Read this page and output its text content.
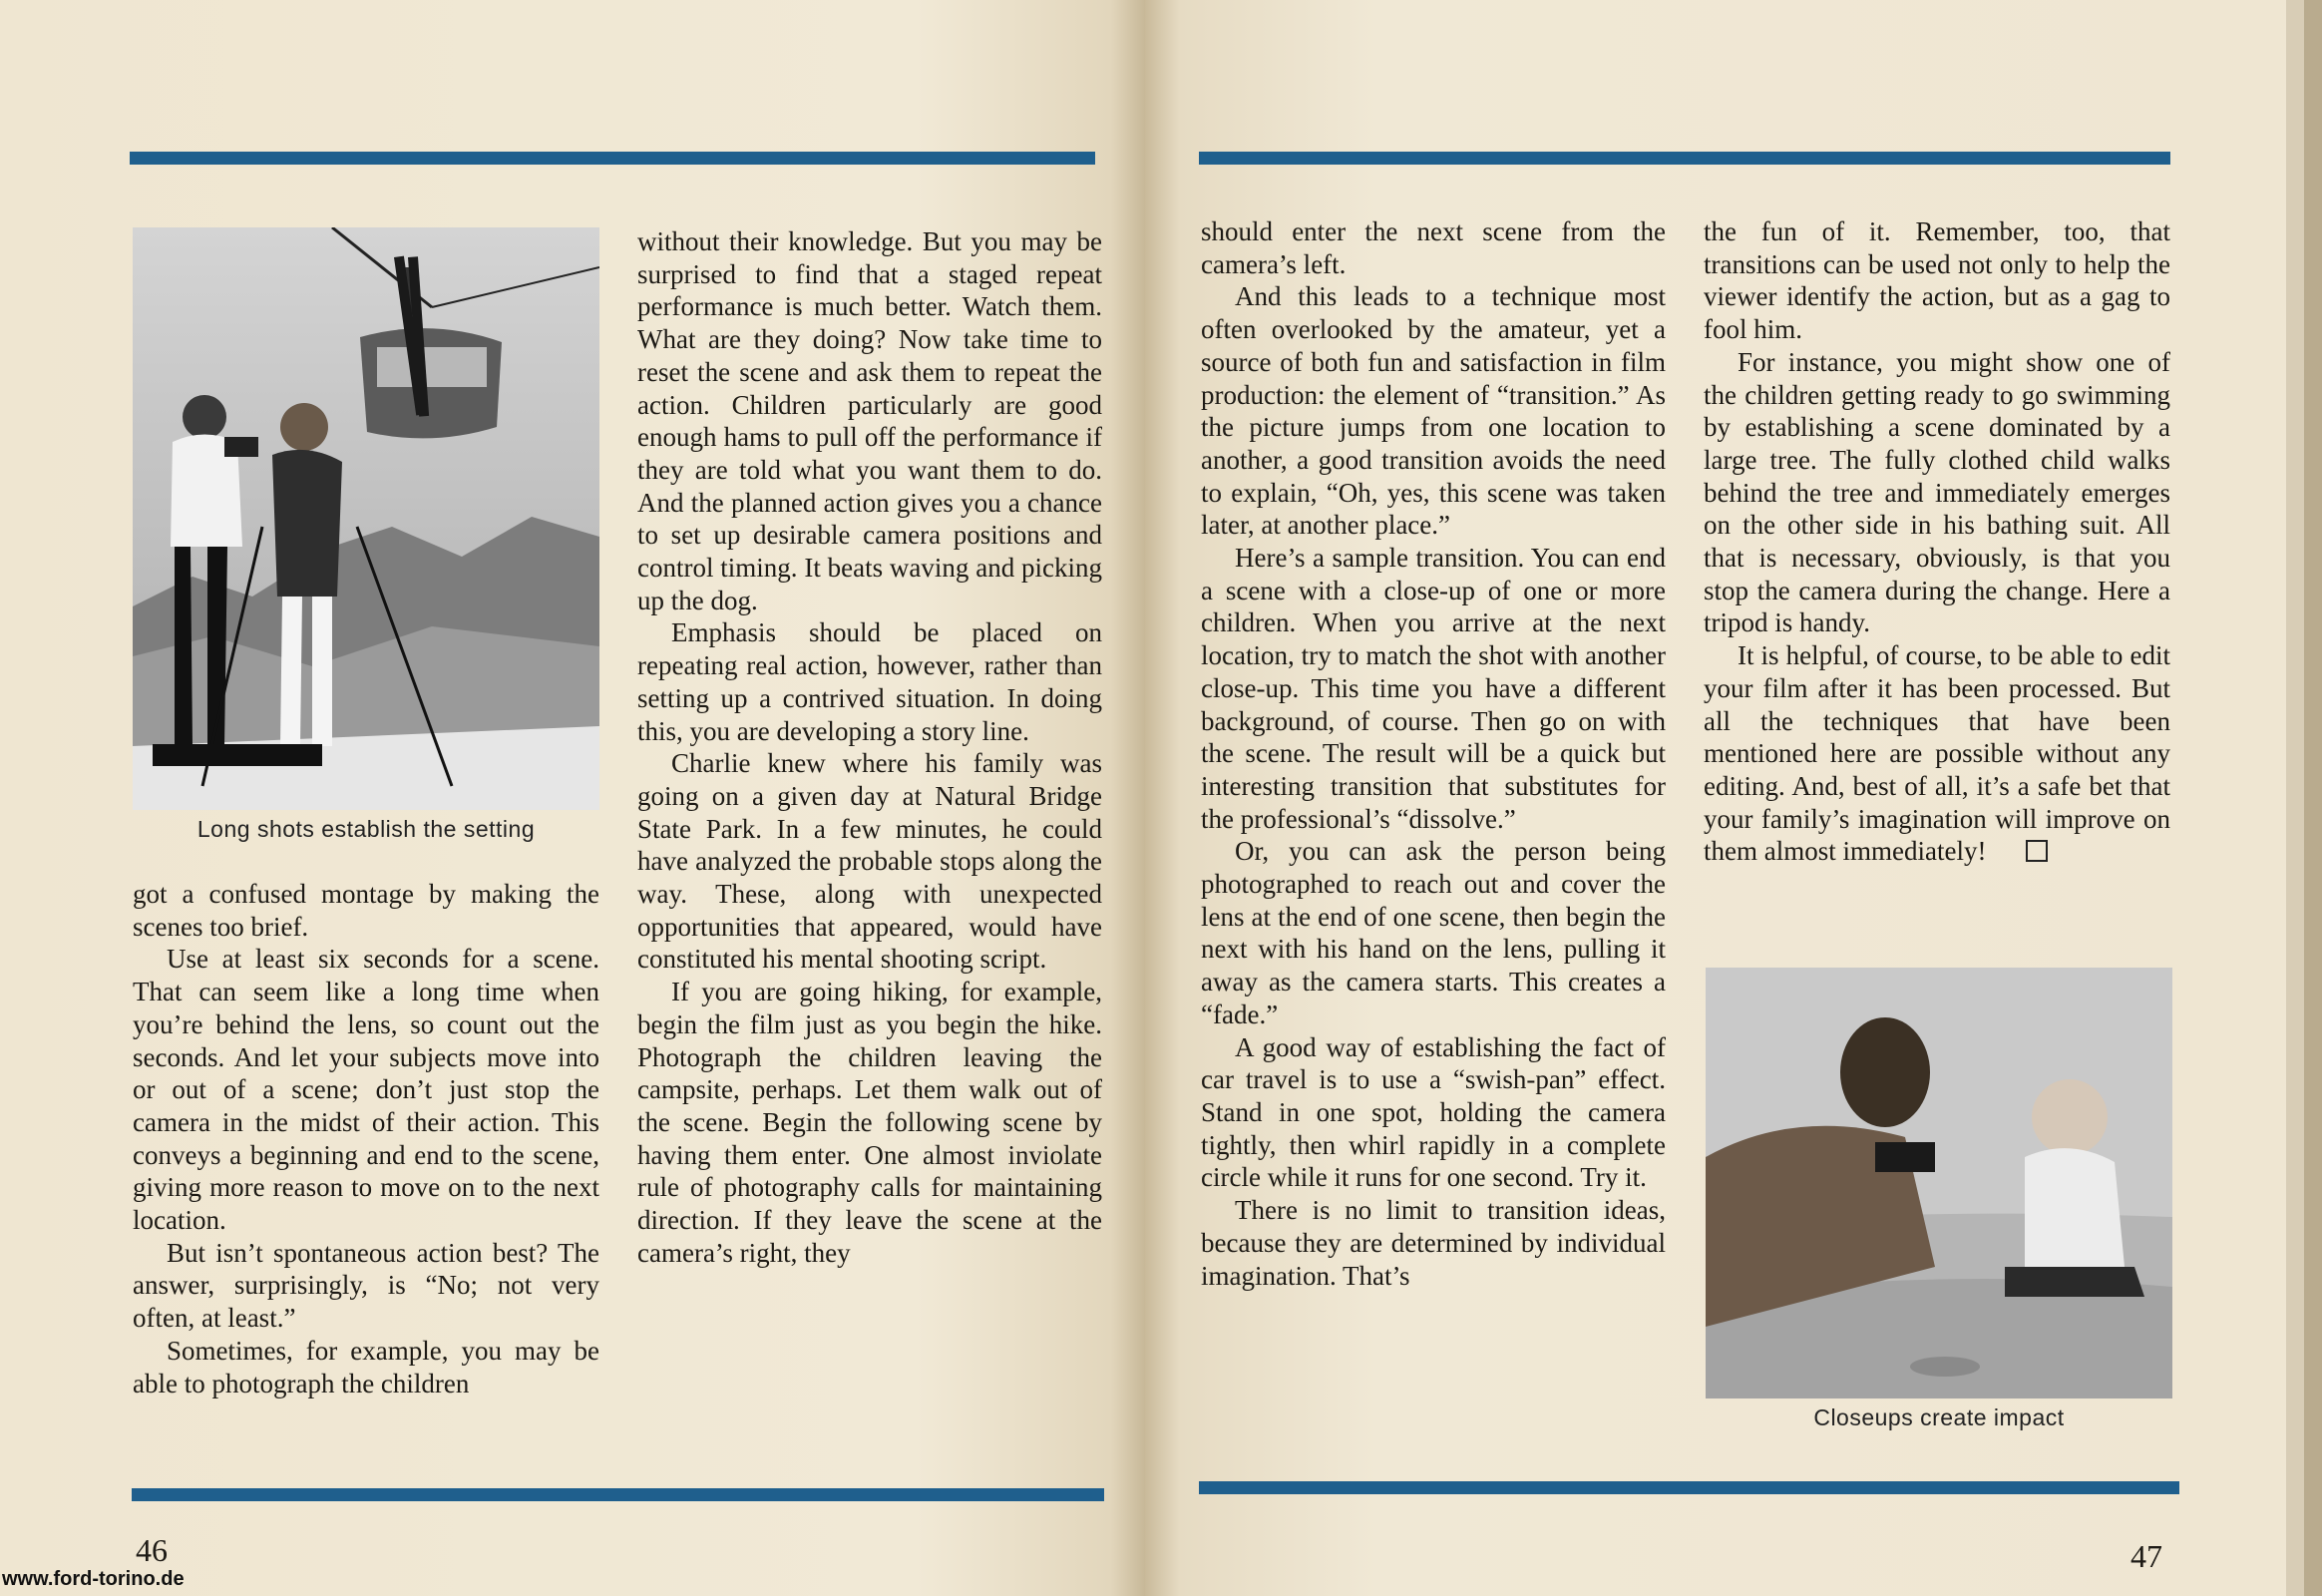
Long shots establish the setting

got a confused montage by making the scenes too brief.

Use at least six seconds for a scene. That can seem like a long time when you’re behind the lens, so count out the seconds. And let your subjects move into or out of a scene; don’t just stop the camera in the midst of their action. This conveys a beginning and end to the scene, giving more reason to move on to the next location.

But isn’t spontaneous action best? The answer, surprisingly, is “No; not very often, at least.”

Sometimes, for example, you may be able to photograph the children

without their knowledge. But you may be surprised to find that a staged repeat performance is much better. Watch them. What are they doing? Now take time to reset the scene and ask them to repeat the action. Children particularly are good enough hams to pull off the performance if they are told what you want them to do. And the planned action gives you a chance to set up desirable camera positions and control timing. It beats waving and picking up the dog.

Emphasis should be placed on repeating real action, however, rather than setting up a contrived situation. In doing this, you are developing a story line.

Charlie knew where his family was going on a given day at Natural Bridge State Park. In a few minutes, he could have analyzed the probable stops along the way. These, along with unexpected opportunities that appeared, would have constituted his mental shooting script.

If you are going hiking, for example, begin the film just as you begin the hike. Photograph the children leaving the campsite, perhaps. Let them walk out of the scene. Begin the following scene by having them enter. One almost inviolate rule of photography calls for maintaining direction. If they leave the scene at the camera’s right, they

46

should enter the next scene from the camera’s left.

And this leads to a technique most often overlooked by the amateur, yet a source of both fun and satisfaction in film production: the element of “transition.” As the picture jumps from one location to another, a good transition avoids the need to explain, “Oh, yes, this scene was taken later, at another place.”

Here’s a sample transition. You can end a scene with a close-up of one or more children. When you arrive at the next location, try to match the shot with another close-up. This time you have a different background, of course. Then go on with the scene. The result will be a quick but interesting transition that substitutes for the professional’s “dissolve.”

Or, you can ask the person being photographed to reach out and cover the lens at the end of one scene, then begin the next with his hand on the lens, pulling it away as the camera starts. This creates a “fade.”

A good way of establishing the fact of car travel is to use a “swish-pan” effect. Stand in one spot, holding the camera tightly, then whirl rapidly in a complete circle while it runs for one second. Try it.

There is no limit to transition ideas, because they are determined by individual imagination. That’s

the fun of it. Remember, too, that transitions can be used not only to help the viewer identify the action, but as a gag to fool him.

For instance, you might show one of the children getting ready to go swimming by establishing a scene dominated by a large tree. The fully clothed child walks behind the tree and immediately emerges on the other side in his bathing suit. All that is necessary, obviously, is that you stop the camera during the change. Here a tripod is handy.

It is helpful, of course, to be able to edit your film after it has been processed. But all the techniques that have been mentioned here are possible without any editing. And, best of all, it’s a safe bet that your family’s imagination will improve on them almost immediately!

Closeups create impact
47
www.ford-torino.de
